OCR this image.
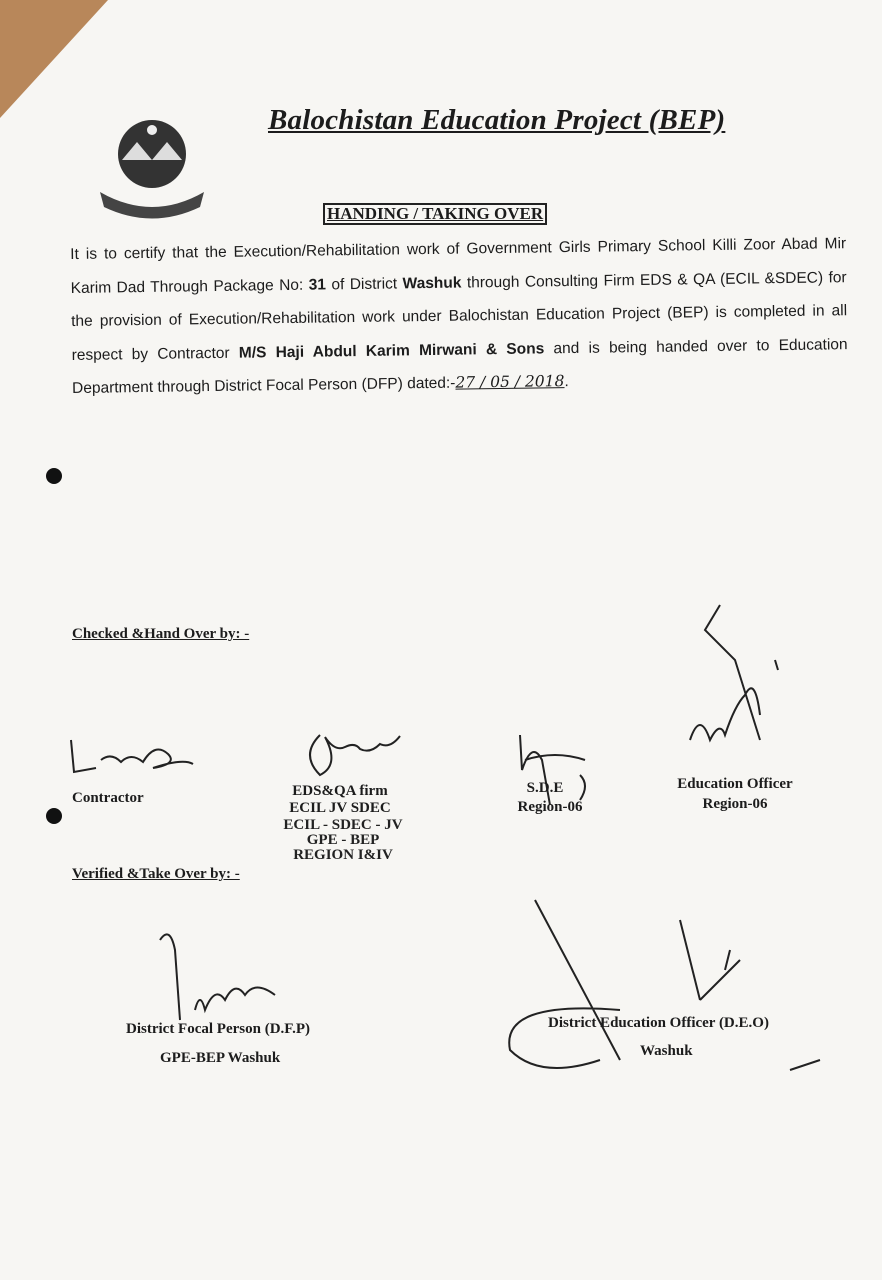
Balochistan Education Project (BEP)
HANDING / TAKING OVER
It is to certify that the Execution/Rehabilitation work of Government Girls Primary School Killi Zoor Abad Mir Karim Dad Through Package No: 31 of District Washuk through Consulting Firm EDS & QA (ECIL &SDEC) for the provision of Execution/Rehabilitation work under Balochistan Education Project (BEP) is completed in all respect by Contractor M/S Haji Abdul Karim Mirwani & Sons and is being handed over to Education Department through District Focal Person (DFP) dated:-27 / 05 / 2018.
Checked &Hand Over by: -
Contractor	EDS&QA firm
ECIL JV SDEC
ECIL - SDEC - JV
GPE - BEP
REGION I&IV
S.D.E
Region-06
Education Officer
Region-06
Verified &Take Over by: -
District Focal Person (D.F.P)
GPE-BEP Washuk
District Education Officer (D.E.O)
Washuk
